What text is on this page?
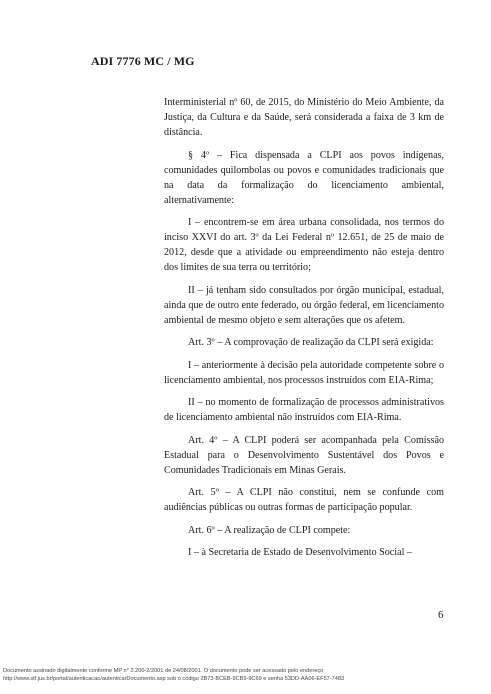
ADI 7776 MC / MG

Interministerial nº 60, de 2015, do Ministério do Meio Ambiente, da Justiça, da Cultura e da Saúde, será considerada a faixa de 3 km de distância.

§ 4º – Fica dispensada a CLPI aos povos indígenas, comunidades quilombolas ou povos e comunidades tradicionais que na data da formalização do licenciamento ambiental, alternativamente:

I – encontrem-se em área urbana consolidada, nos termos do inciso XXVI do art. 3º da Lei Federal nº 12.651, de 25 de maio de 2012, desde que a atividade ou empreendimento não esteja dentro dos limites de sua terra ou território;

II – já tenham sido consultados por órgão municipal, estadual, ainda que de outro ente federado, ou órgão federal, em licenciamento ambiental de mesmo objeto e sem alterações que os afetem.

Art. 3º – A comprovação de realização da CLPI será exigida:

I – anteriormente à decisão pela autoridade competente sobre o licenciamento ambiental, nos processos instruídos com EIA-Rima;

II – no momento de formalização de processos administrativos de licenciamento ambiental não instruídos com EIA-Rima.

Art. 4º – A CLPI poderá ser acompanhada pela Comissão Estadual para o Desenvolvimento Sustentável dos Povos e Comunidades Tradicionais em Minas Gerais.

Art. 5º – A CLPI não constitui, nem se confunde com audiências públicas ou outras formas de participação popular.

Art. 6º – A realização de CLPI compete:

I – à Secretaria de Estado de Desenvolvimento Social –

6
Documento assinado digitalmente conforme MP n° 2.200-2/2001 de 24/08/2001. O documento pode ser acessado pelo endereço
http://www.stf.jus.br/portal/autenticacao/autenticarDocumento.asp sob o código 2B73-BCEB-9CB9-9C69 e senha 53DD-AA06-EF57-7483
